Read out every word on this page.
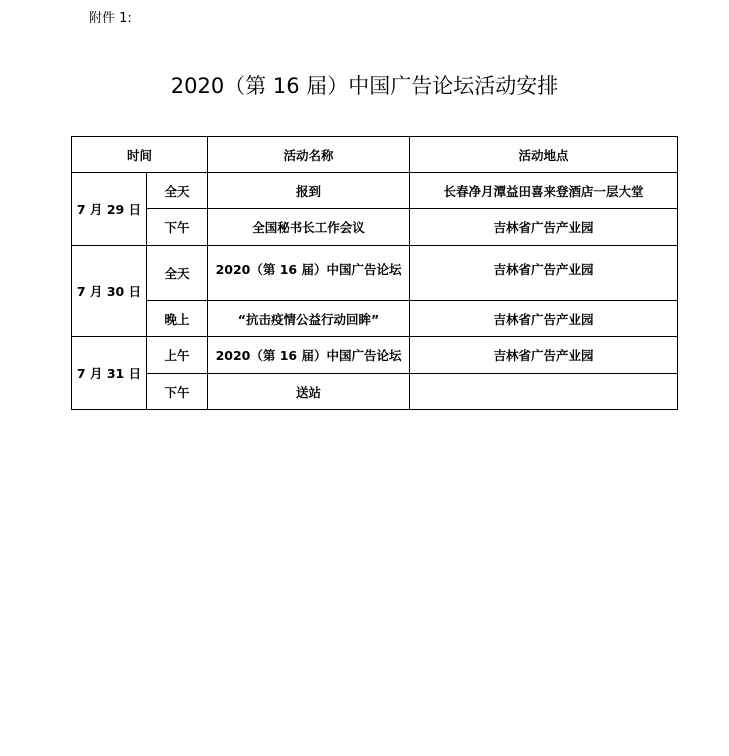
附件 1:
2020（第 16 届）中国广告论坛活动安排
时间		活动名称	活动地点
7 月 29 日	全天	报到	长春净月潭益田喜来登酒店一层大堂
	下午	全国秘书长工作会议	吉林省广告产业园
7 月 30 日	全天	2020（第 16 届）中国广告论坛	吉林省广告产业园
	晚上	“抗击疫情公益行动回眸”	吉林省广告产业园
7 月 31 日	上午	2020（第 16 届）中国广告论坛	吉林省广告产业园
	下午	送站	
